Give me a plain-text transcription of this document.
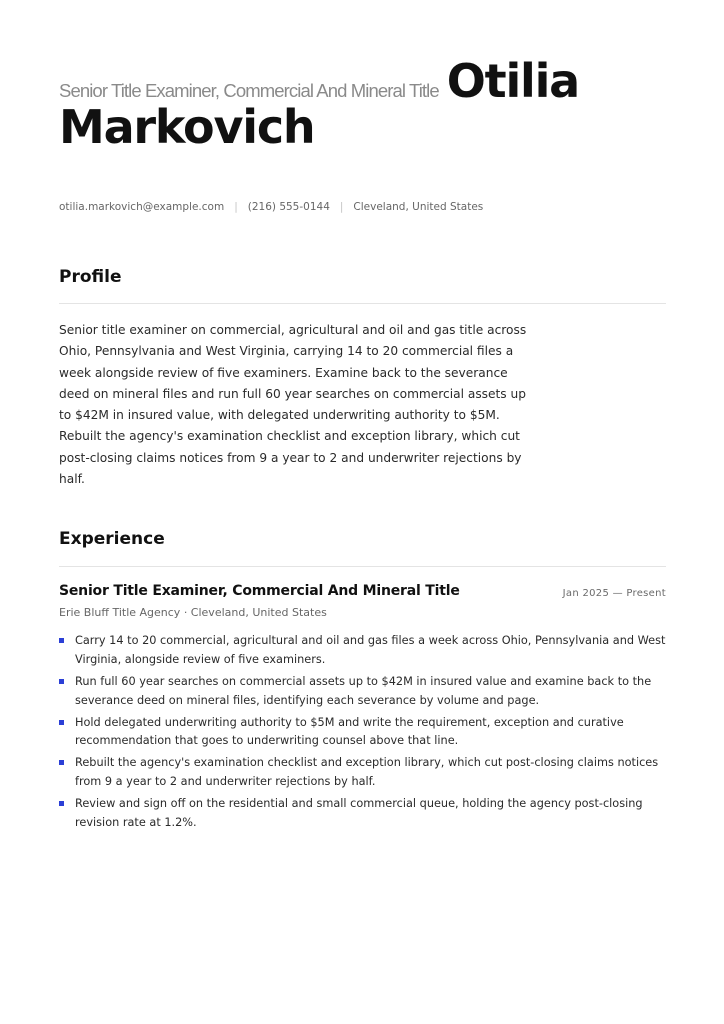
Senior Title Examiner, Commercial And Mineral Title Otilia
Markovich
otilia.markovich@example.com | (216) 555-0144 | Cleveland, United States
Profile
Senior title examiner on commercial, agricultural and oil and gas title across Ohio, Pennsylvania and West Virginia, carrying 14 to 20 commercial files a week alongside review of five examiners. Examine back to the severance deed on mineral files and run full 60 year searches on commercial assets up to $42M in insured value, with delegated underwriting authority to $5M. Rebuilt the agency's examination checklist and exception library, which cut post-closing claims notices from 9 a year to 2 and underwriter rejections by half.
Experience
Senior Title Examiner, Commercial And Mineral Title	Jan 2025 — Present
Erie Bluff Title Agency · Cleveland, United States
Carry 14 to 20 commercial, agricultural and oil and gas files a week across Ohio, Pennsylvania and West Virginia, alongside review of five examiners.
Run full 60 year searches on commercial assets up to $42M in insured value and examine back to the severance deed on mineral files, identifying each severance by volume and page.
Hold delegated underwriting authority to $5M and write the requirement, exception and curative recommendation that goes to underwriting counsel above that line.
Rebuilt the agency's examination checklist and exception library, which cut post-closing claims notices from 9 a year to 2 and underwriter rejections by half.
Review and sign off on the residential and small commercial queue, holding the agency post-closing revision rate at 1.2%.
